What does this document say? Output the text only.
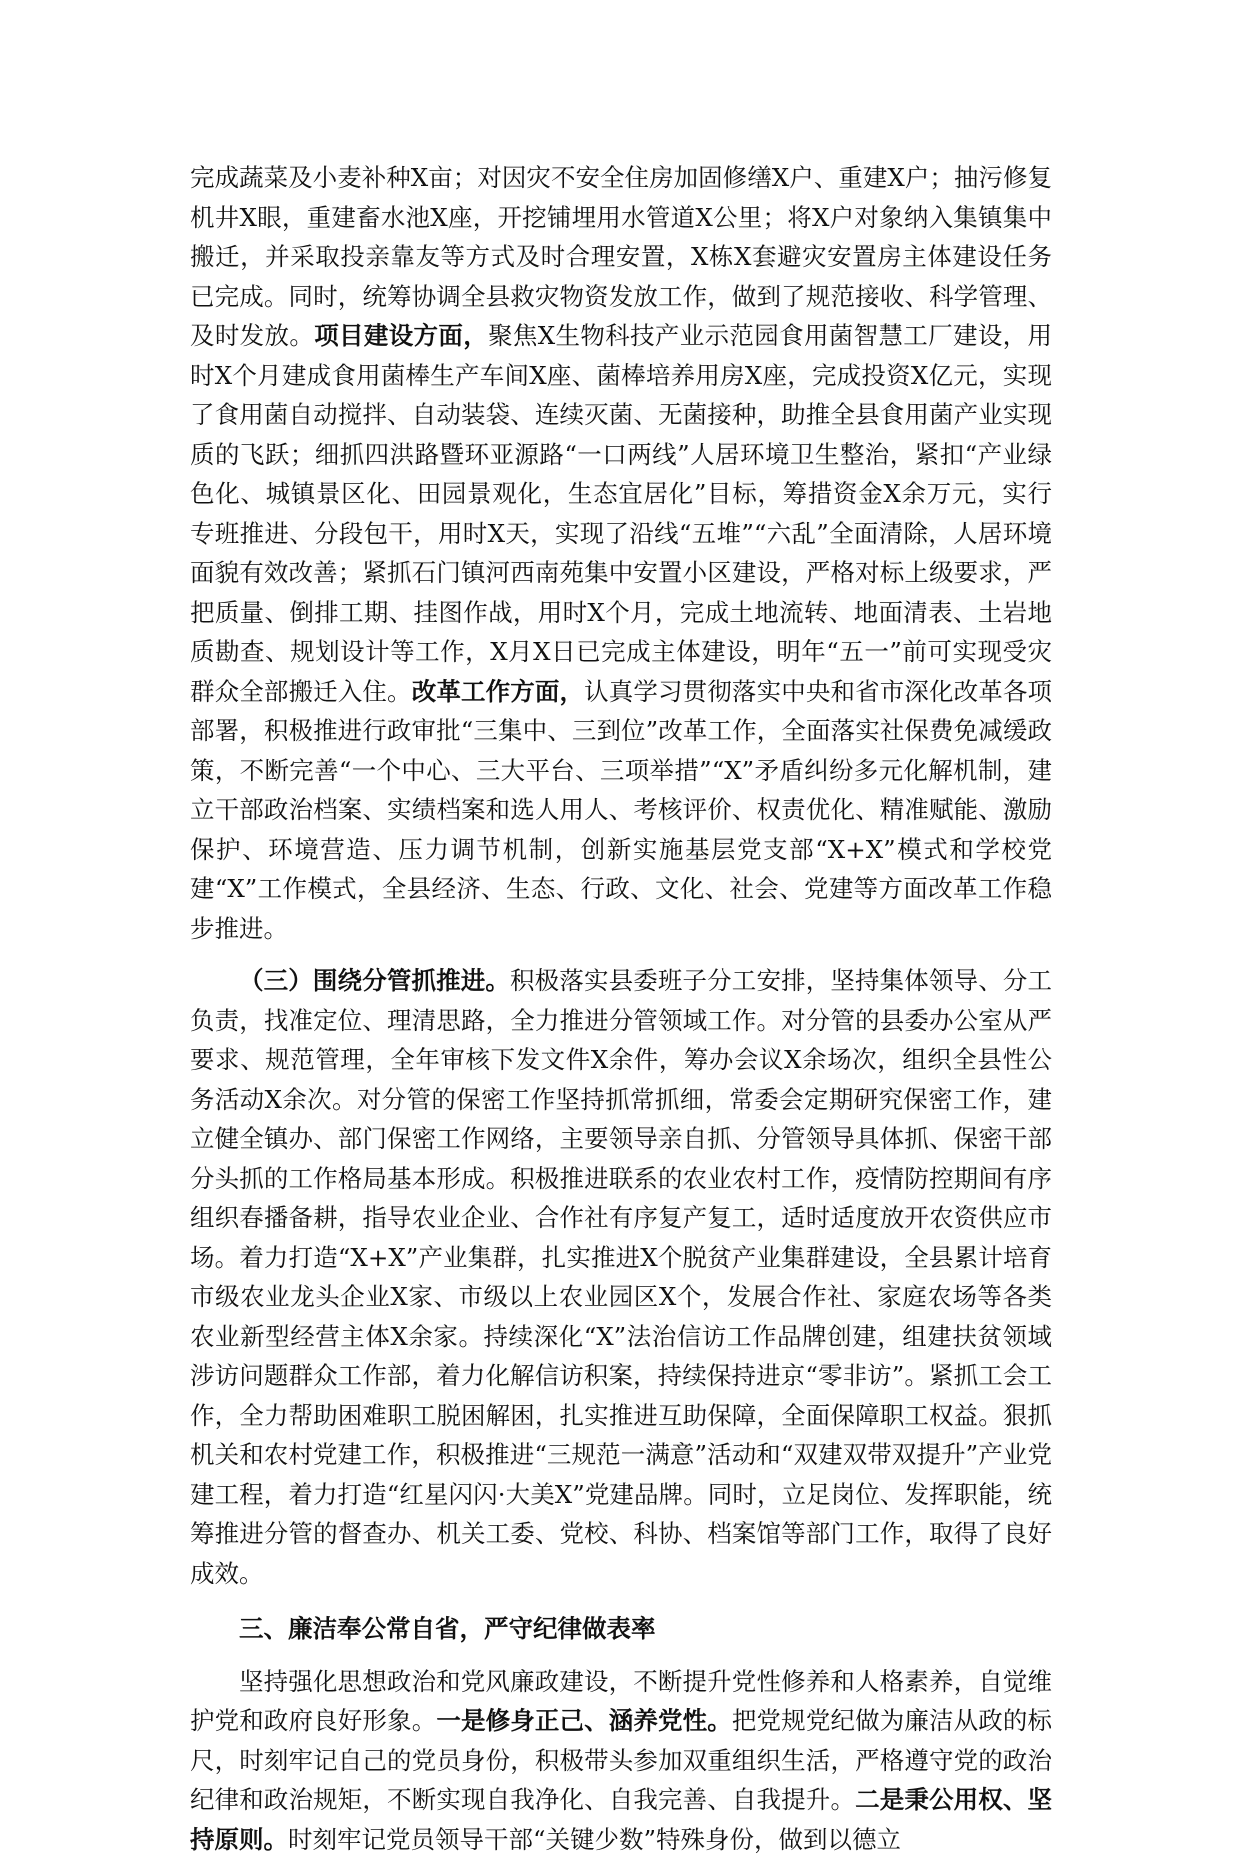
完成蔬菜及小麦补种X亩；对因灾不安全住房加固修缮X户、重建X户；抽污修复机井X眼，重建畜水池X座，开挖铺埋用水管道X公里；将X户对象纳入集镇集中搬迁，并采取投亲靠友等方式及时合理安置，X栋X套避灾安置房主体建设任务已完成。同时，统筹协调全县救灾物资发放工作，做到了规范接收、科学管理、及时发放。项目建设方面，聚焦X生物科技产业示范园食用菌智慧工厂建设，用时X个月建成食用菌棒生产车间X座、菌棒培养用房X座，完成投资X亿元，实现了食用菌自动搅拌、自动装袋、连续灭菌、无菌接种，助推全县食用菌产业实现质的飞跃；细抓四洪路暨环亚源路“一口两线”人居环境卫生整治，紧扣“产业绿色化、城镇景区化、田园景观化，生态宜居化”目标，筹措资金X余万元，实行专班推进、分段包干，用时X天，实现了沿线“五堆”“六乱”全面清除，人居环境面貌有效改善；紧抓石门镇河西南苑集中安置小区建设，严格对标上级要求，严把质量、倒排工期、挂图作战，用时X个月，完成土地流转、地面清表、土岩地质勘查、规划设计等工作，X月X日已完成主体建设，明年“五一”前可实现受灾群众全部搬迁入住。改革工作方面，认真学习贯彻落实中央和省市深化改革各项部署，积极推进行政审批“三集中、三到位”改革工作，全面落实社保费免减缓政策，不断完善“一个中心、三大平台、三项举措”“X”矛盾纠纷多元化解机制，建立干部政治档案、实绩档案和选人用人、考核评价、权责优化、精准赋能、激励保护、环境营造、压力调节机制，创新实施基层党支部“X+X”模式和学校党建“X”工作模式，全县经济、生态、行政、文化、社会、党建等方面改革工作稳步推进。

（三）围绕分管抓推进。积极落实县委班子分工安排，坚持集体领导、分工负责，找准定位、理清思路，全力推进分管领域工作。对分管的县委办公室从严要求、规范管理，全年审核下发文件X余件，筹办会议X余场次，组织全县性公务活动X余次。对分管的保密工作坚持抓常抓细，常委会定期研究保密工作，建立健全镇办、部门保密工作网络，主要领导亲自抓、分管领导具体抓、保密干部分头抓的工作格局基本形成。积极推进联系的农业农村工作，疫情防控期间有序组织春播备耕，指导农业企业、合作社有序复产复工，适时适度放开农资供应市场。着力打造“X+X”产业集群，扎实推进X个脱贫产业集群建设，全县累计培育市级农业龙头企业X家、市级以上农业园区X个，发展合作社、家庭农场等各类农业新型经营主体X余家。持续深化“X”法治信访工作品牌创建，组建扶贫领域涉访问题群众工作部，着力化解信访积案，持续保持进京“零非访”。紧抓工会工作，全力帮助困难职工脱困解困，扎实推进互助保障，全面保障职工权益。狠抓机关和农村党建工作，积极推进“三规范一满意”活动和“双建双带双提升”产业党建工程，着力打造“红星闪闪·大美X”党建品牌。同时，立足岗位、发挥职能，统筹推进分管的督查办、机关工委、党校、科协、档案馆等部门工作，取得了良好成效。

三、廉洁奉公常自省，严守纪律做表率

坚持强化思想政治和党风廉政建设，不断提升党性修养和人格素养，自觉维护党和政府良好形象。一是修身正己、涵养党性。把党规党纪做为廉洁从政的标尺，时刻牢记自己的党员身份，积极带头参加双重组织生活，严格遵守党的政治纪律和政治规矩，不断实现自我净化、自我完善、自我提升。二是秉公用权、坚持原则。时刻牢记党员领导干部“关键少数”特殊身份，做到以德立
